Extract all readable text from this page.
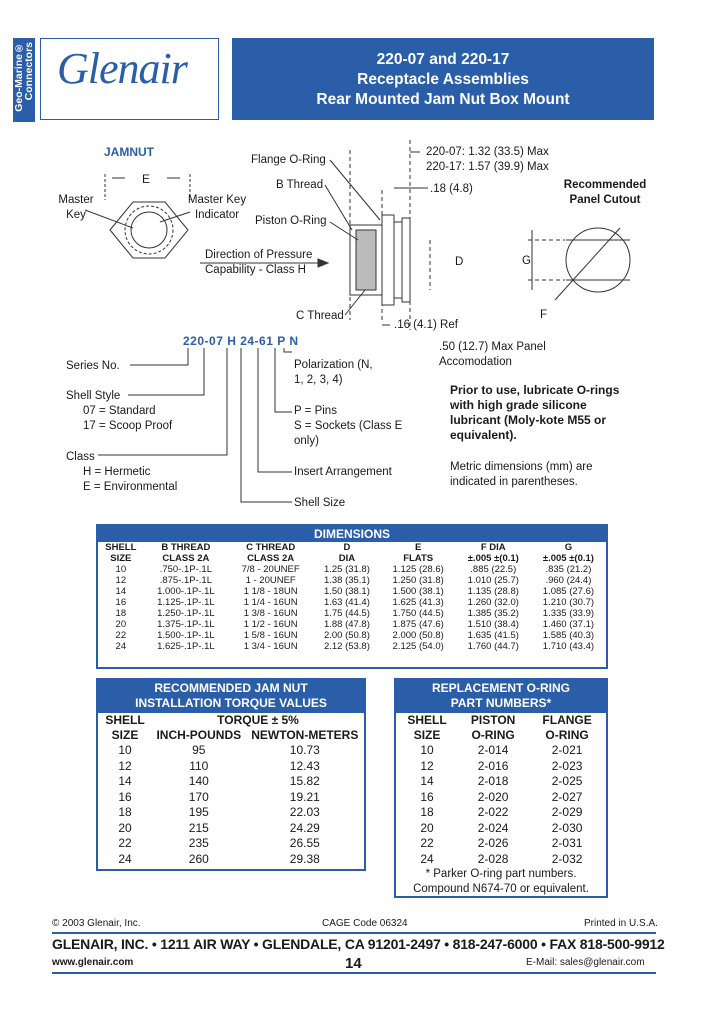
Geo-Marine®
Connectors Glenair	220-07 and 220-17
Receptacle Assemblies
Rear Mounted Jam Nut Box Mount
JAMNUT
E
Master Key
Master Key Indicator
Flange O-Ring
B Thread
Piston O-Ring
Direction of Pressure Capability - Class H
C Thread
220-07: 1.32 (33.5) Max
220-17: 1.57 (39.9) Max
.18 (4.8)
D
.16 (4.1) Ref
.50 (12.7) Max Panel Accomodation
Recommended Panel Cutout
G
F
220-07 H 24-61 P N
Series No.
Shell Style
07 = Standard
17 = Scoop Proof
Class
H = Hermetic
E = Environmental
Polarization (N, 1, 2, 3, 4)
P = Pins
S = Sockets (Class E only)
Insert Arrangement
Shell Size
Prior to use, lubricate O-rings with high grade silicone lubricant (Moly-kote M55 or equivalent).
Metric dimensions (mm) are indicated in parentheses.
DIMENSIONS
SHELL	B THREAD	C THREAD	D	E	F DIA	G
SIZE	CLASS 2A	CLASS 2A	DIA	FLATS	±.005 ±(0.1)	±.005 ±(0.1)
10	.750-.1P-.1L	7/8 - 20UNEF	1.25 (31.8)	1.125 (28.6)	.885 (22.5)	.835 (21.2)
12	.875-.1P-.1L	1 - 20UNEF	1.38 (35.1)	1.250 (31.8)	1.010 (25.7)	.960 (24.4)
14	1.000-.1P-.1L	1 1/8 - 18UN	1.50 (38.1)	1.500 (38.1)	1.135 (28.8)	1.085 (27.6)
16	1.125-.1P-.1L	1 1/4 - 16UN	1.63 (41.4)	1.625 (41.3)	1.260 (32.0)	1.210 (30.7)
18	1.250-.1P-.1L	1 3/8 - 16UN	1.75 (44.5)	1.750 (44.5)	1.385 (35.2)	1.335 (33.9)
20	1.375-.1P-.1L	1 1/2 - 16UN	1.88 (47.8)	1.875 (47.6)	1.510 (38.4)	1.460 (37.1)
22	1.500-.1P-.1L	1 5/8 - 16UN	2.00 (50.8)	2.000 (50.8)	1.635 (41.5)	1.585 (40.3)
24	1.625-.1P-.1L	1 3/4 - 16UN	2.12 (53.8)	2.125 (54.0)	1.760 (44.7)	1.710 (43.4)
RECOMMENDED JAM NUT
INSTALLATION TORQUE VALUES
SHELL	TORQUE ± 5%	
SIZE	INCH-POUNDS	NEWTON-METERS
10	95	10.73
12	110	12.43
14	140	15.82
16	170	19.21
18	195	22.03
20	215	24.29
22	235	26.55
24	260	29.38
REPLACEMENT O-RING
PART NUMBERS*
SHELL	PISTON	FLANGE
SIZE	O-RING	O-RING
10	2-014	2-021
12	2-016	2-023
14	2-018	2-025
16	2-020	2-027
18	2-022	2-029
20	2-024	2-030
22	2-026	2-031
24	2-028	2-032
* Parker O-ring part numbers.
Compound N674-70 or equivalent.
© 2003 Glenair, Inc.	CAGE Code 06324	Printed in U.S.A.
GLENAIR, INC. • 1211 AIR WAY • GLENDALE, CA 91201-2497 • 818-247-6000 • FAX 818-500-9912
www.glenair.com	14	E-Mail: sales@glenair.com
